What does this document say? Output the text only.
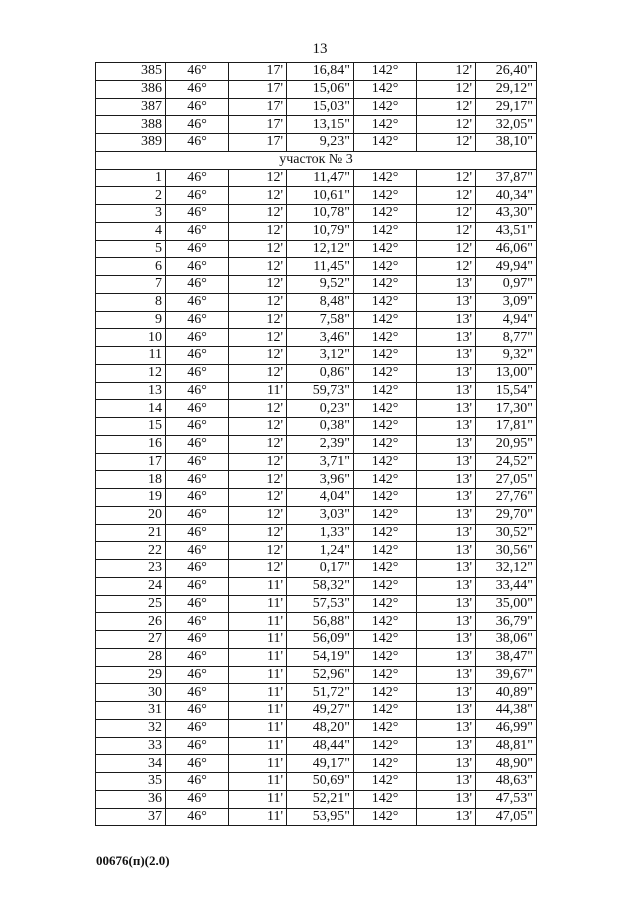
13
385	46°	17'	16,84"	142°	12'	26,40"
386	46°	17'	15,06"	142°	12'	29,12"
387	46°	17'	15,03"	142°	12'	29,17"
388	46°	17'	13,15"	142°	12'	32,05"
389	46°	17'	9,23"	142°	12'	38,10"
участок № 3						
1	46°	12'	11,47"	142°	12'	37,87"
2	46°	12'	10,61"	142°	12'	40,34"
3	46°	12'	10,78"	142°	12'	43,30"
4	46°	12'	10,79"	142°	12'	43,51"
5	46°	12'	12,12"	142°	12'	46,06"
6	46°	12'	11,45"	142°	12'	49,94"
7	46°	12'	9,52"	142°	13'	0,97"
8	46°	12'	8,48"	142°	13'	3,09"
9	46°	12'	7,58"	142°	13'	4,94"
10	46°	12'	3,46"	142°	13'	8,77"
11	46°	12'	3,12"	142°	13'	9,32"
12	46°	12'	0,86"	142°	13'	13,00"
13	46°	11'	59,73"	142°	13'	15,54"
14	46°	12'	0,23"	142°	13'	17,30"
15	46°	12'	0,38"	142°	13'	17,81"
16	46°	12'	2,39"	142°	13'	20,95"
17	46°	12'	3,71"	142°	13'	24,52"
18	46°	12'	3,96"	142°	13'	27,05"
19	46°	12'	4,04"	142°	13'	27,76"
20	46°	12'	3,03"	142°	13'	29,70"
21	46°	12'	1,33"	142°	13'	30,52"
22	46°	12'	1,24"	142°	13'	30,56"
23	46°	12'	0,17"	142°	13'	32,12"
24	46°	11'	58,32"	142°	13'	33,44"
25	46°	11'	57,53"	142°	13'	35,00"
26	46°	11'	56,88"	142°	13'	36,79"
27	46°	11'	56,09"	142°	13'	38,06"
28	46°	11'	54,19"	142°	13'	38,47"
29	46°	11'	52,96"	142°	13'	39,67"
30	46°	11'	51,72"	142°	13'	40,89"
31	46°	11'	49,27"	142°	13'	44,38"
32	46°	11'	48,20"	142°	13'	46,99"
33	46°	11'	48,44"	142°	13'	48,81"
34	46°	11'	49,17"	142°	13'	48,90"
35	46°	11'	50,69"	142°	13'	48,63"
36	46°	11'	52,21"	142°	13'	47,53"
37	46°	11'	53,95"	142°	13'	47,05"
00676(п)(2.0)
